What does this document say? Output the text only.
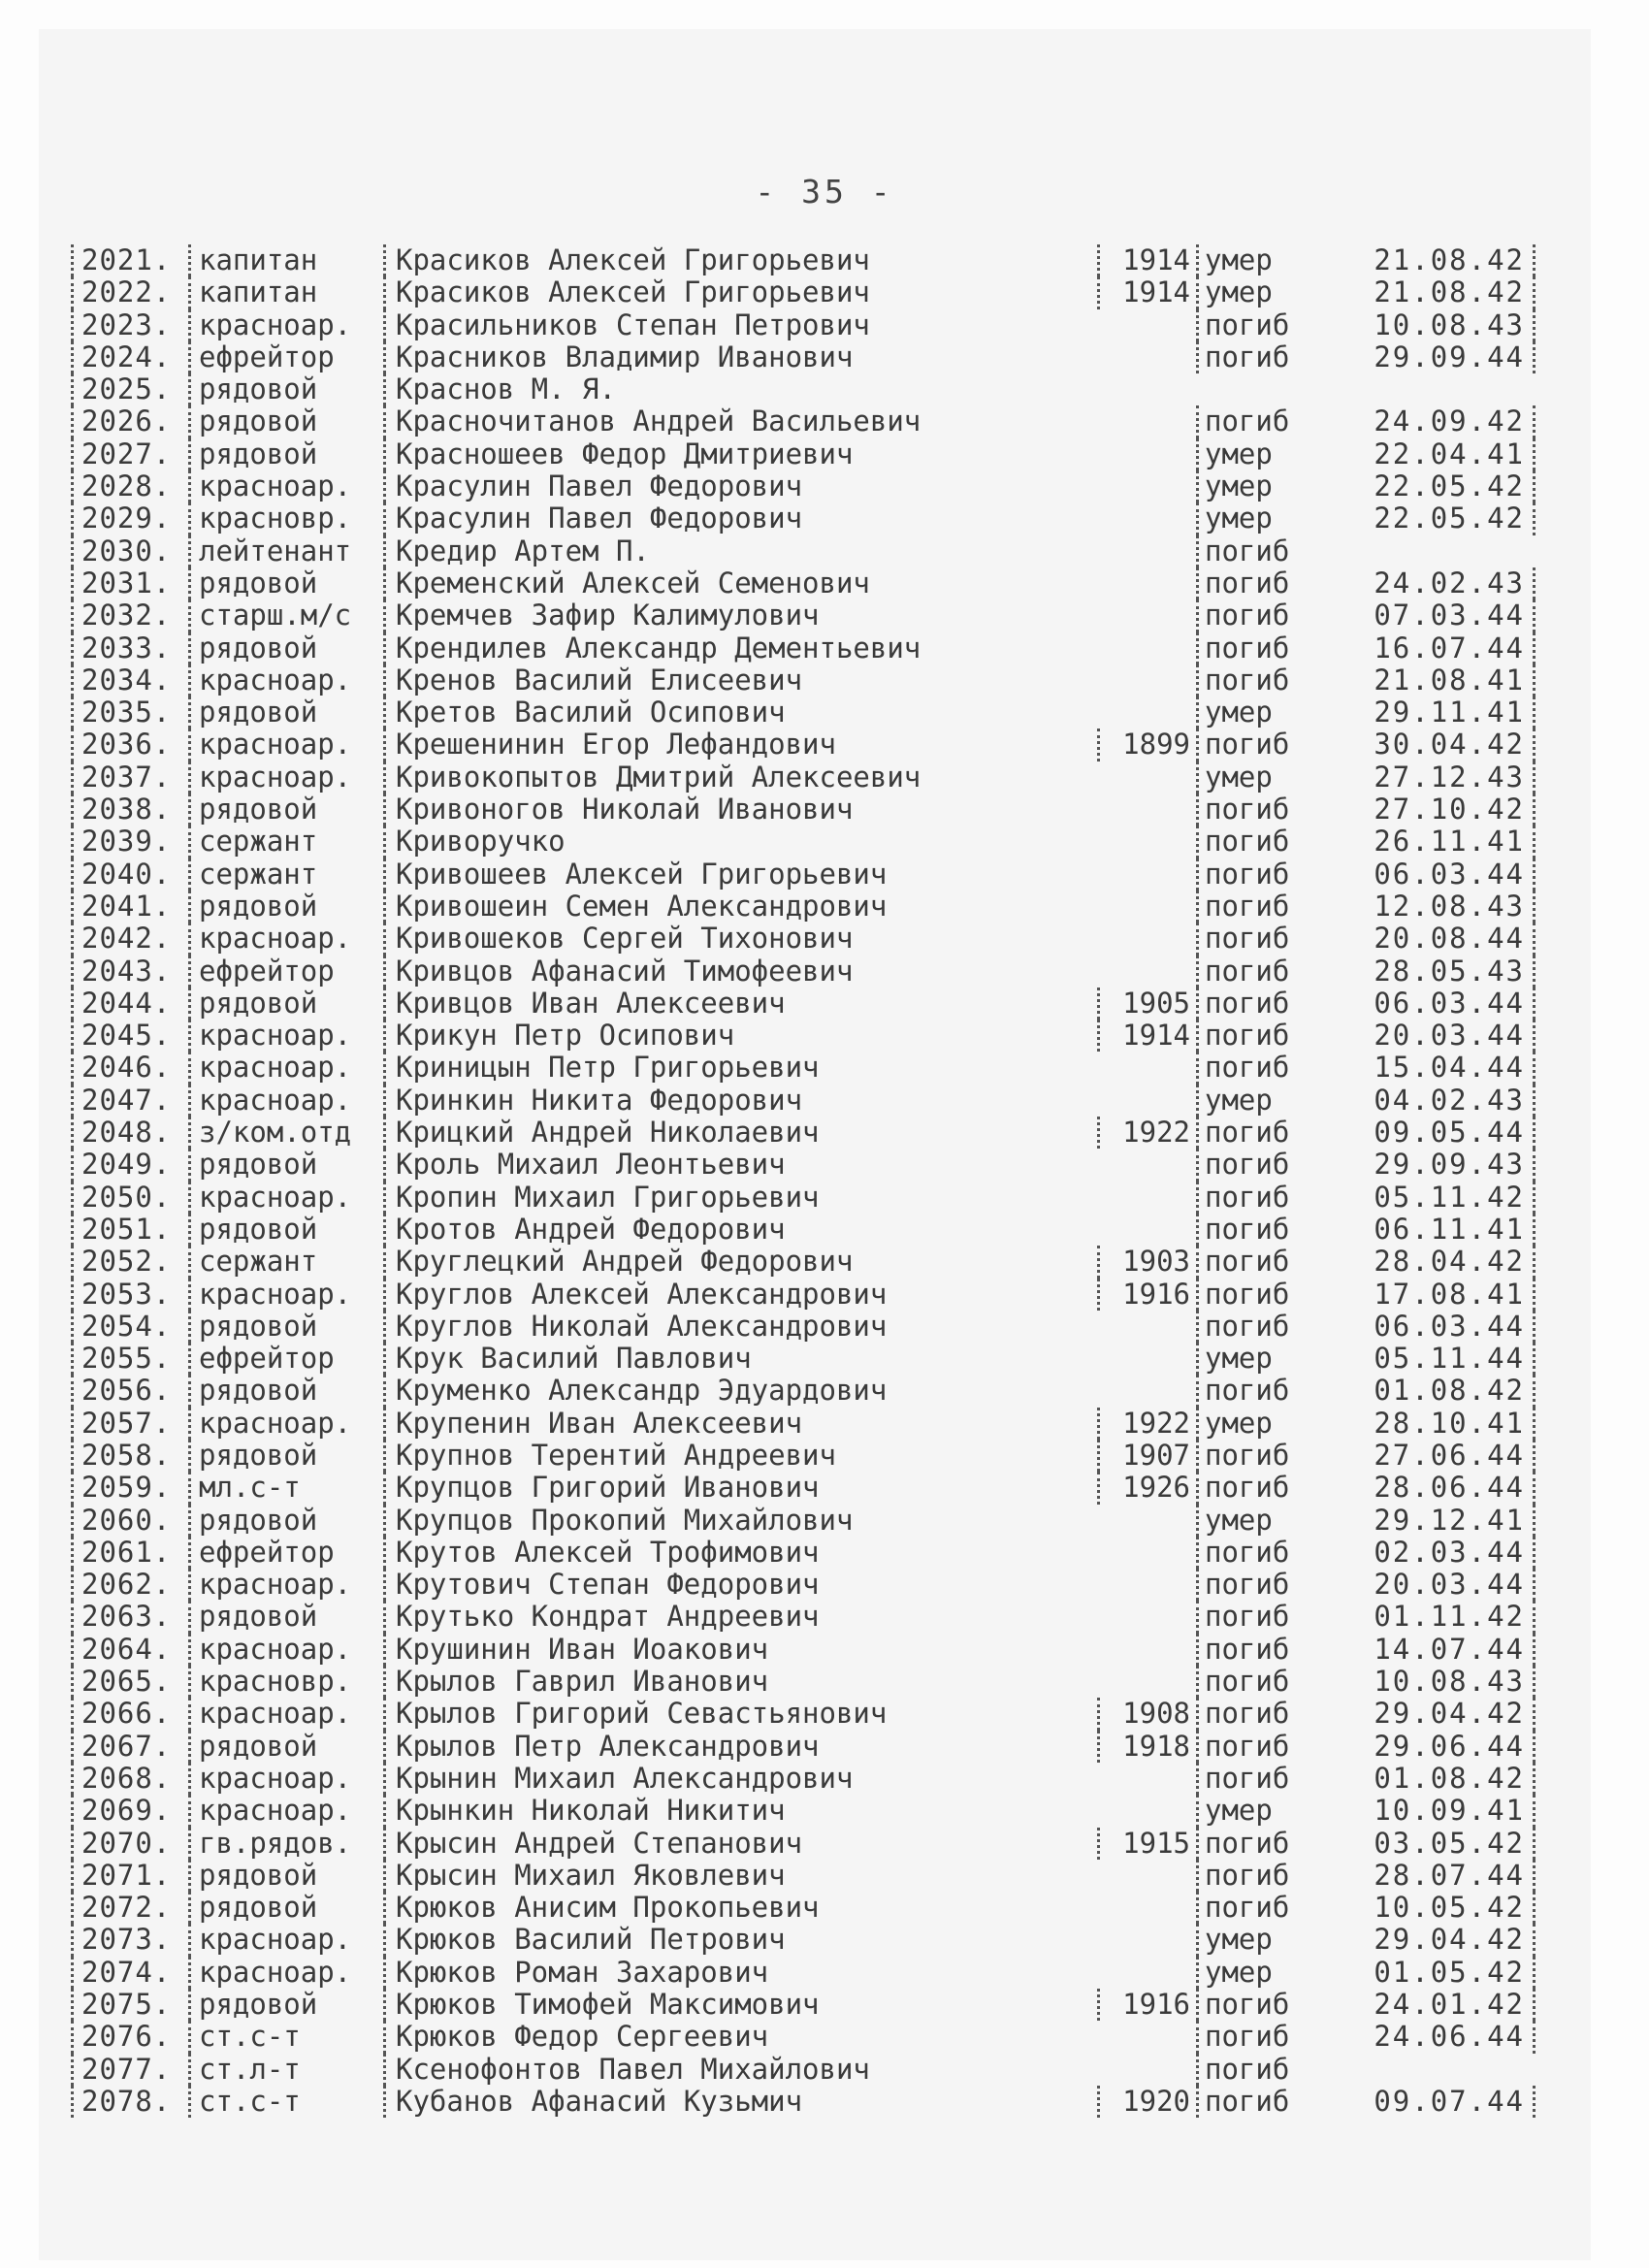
- 35 -
2021. капитан	Красиков Алексей Григорьевич	1914 умер	21.08.42
2022. капитан	Красиков Алексей Григорьевич	1914 умер	21.08.42
2023. красноар.	Красильников Степан Петрович	погиб	10.08.43
2024. ефрейтор	Красников Владимир Иванович	погиб	29.09.44
2025. рядовой	Краснов М. Я.
2026. рядовой	Красночитанов Андрей Васильевич	погиб	24.09.42
2027. рядовой	Красношеев Федор Дмитриевич	умер	22.04.41
2028. красноар.	Красулин Павел Федорович	умер	22.05.42
2029. красновр.	Красулин Павел Федорович	умер	22.05.42
2030. лейтенант	Кредир Артем П.	погиб
2031. рядовой	Кременский Алексей Семенович	погиб	24.02.43
2032. старш.м/с	Кремчев Зафир Калимулович	погиб	07.03.44
2033. рядовой	Крендилев Александр Дементьевич	погиб	16.07.44
2034. красноар.	Кренов Василий Елисеевич	погиб	21.08.41
2035. рядовой	Кретов Василий Осипович	умер	29.11.41
2036. красноар.	Крешенинин Егор Лефандович	1899 погиб	30.04.42
2037. красноар.	Кривокопытов Дмитрий Алексеевич	умер	27.12.43
2038. рядовой	Кривоногов Николай Иванович	погиб	27.10.42
2039. сержант	Криворучко	погиб	26.11.41
2040. сержант	Кривошеев Алексей Григорьевич	погиб	06.03.44
2041. рядовой	Кривошеин Семен Александрович	погиб	12.08.43
2042. красноар.	Кривошеков Сергей Тихонович	погиб	20.08.44
2043. ефрейтор	Кривцов Афанасий Тимофеевич	погиб	28.05.43
2044. рядовой	Кривцов Иван Алексеевич	1905 погиб	06.03.44
2045. красноар.	Крикун Петр Осипович	1914 погиб	20.03.44
2046. красноар.	Криницын Петр Григорьевич	погиб	15.04.44
2047. красноар.	Кринкин Никита Федорович	умер	04.02.43
2048. з/ком.отд	Крицкий Андрей Николаевич	1922 погиб	09.05.44
2049. рядовой	Кроль Михаил Леонтьевич	погиб	29.09.43
2050. красноар.	Кропин Михаил Григорьевич	погиб	05.11.42
2051. рядовой	Кротов Андрей Федорович	погиб	06.11.41
2052. сержант	Круглецкий Андрей Федорович	1903 погиб	28.04.42
2053. красноар.	Круглов Алексей Александрович	1916 погиб	17.08.41
2054. рядовой	Круглов Николай Александрович	погиб	06.03.44
2055. ефрейтор	Крук Василий Павлович	умер	05.11.44
2056. рядовой	Круменко Александр Эдуардович	погиб	01.08.42
2057. красноар.	Крупенин Иван Алексеевич	1922 умер	28.10.41
2058. рядовой	Крупнов Терентий Андреевич	1907 погиб	27.06.44
2059. мл.с-т	Крупцов Григорий Иванович	1926 погиб	28.06.44
2060. рядовой	Крупцов Прокопий Михайлович	умер	29.12.41
2061. ефрейтор	Крутов Алексей Трофимович	погиб	02.03.44
2062. красноар.	Крутович Степан Федорович	погиб	20.03.44
2063. рядовой	Крутько Кондрат Андреевич	погиб	01.11.42
2064. красноар.	Крушинин Иван Иоакович	погиб	14.07.44
2065. красновр.	Крылов Гаврил Иванович	погиб	10.08.43
2066. красноар.	Крылов Григорий Севастьянович	1908 погиб	29.04.42
2067. рядовой	Крылов Петр Александрович	1918 погиб	29.06.44
2068. красноар.	Крынин Михаил Александрович	погиб	01.08.42
2069. красноар.	Крынкин Николай Никитич	умер	10.09.41
2070. гв.рядов.	Крысин Андрей Степанович	1915 погиб	03.05.42
2071. рядовой	Крысин Михаил Яковлевич	погиб	28.07.44
2072. рядовой	Крюков Анисим Прокопьевич	погиб	10.05.42
2073. красноар.	Крюков Василий Петрович	умер	29.04.42
2074. красноар.	Крюков Роман Захарович	умер	01.05.42
2075. рядовой	Крюков Тимофей Максимович	1916 погиб	24.01.42
2076. ст.с-т	Крюков Федор Сергеевич	погиб	24.06.44
2077. ст.л-т	Ксенофонтов Павел Михайлович	погиб
2078. ст.с-т	Кубанов Афанасий Кузьмич	1920 погиб	09.07.44
